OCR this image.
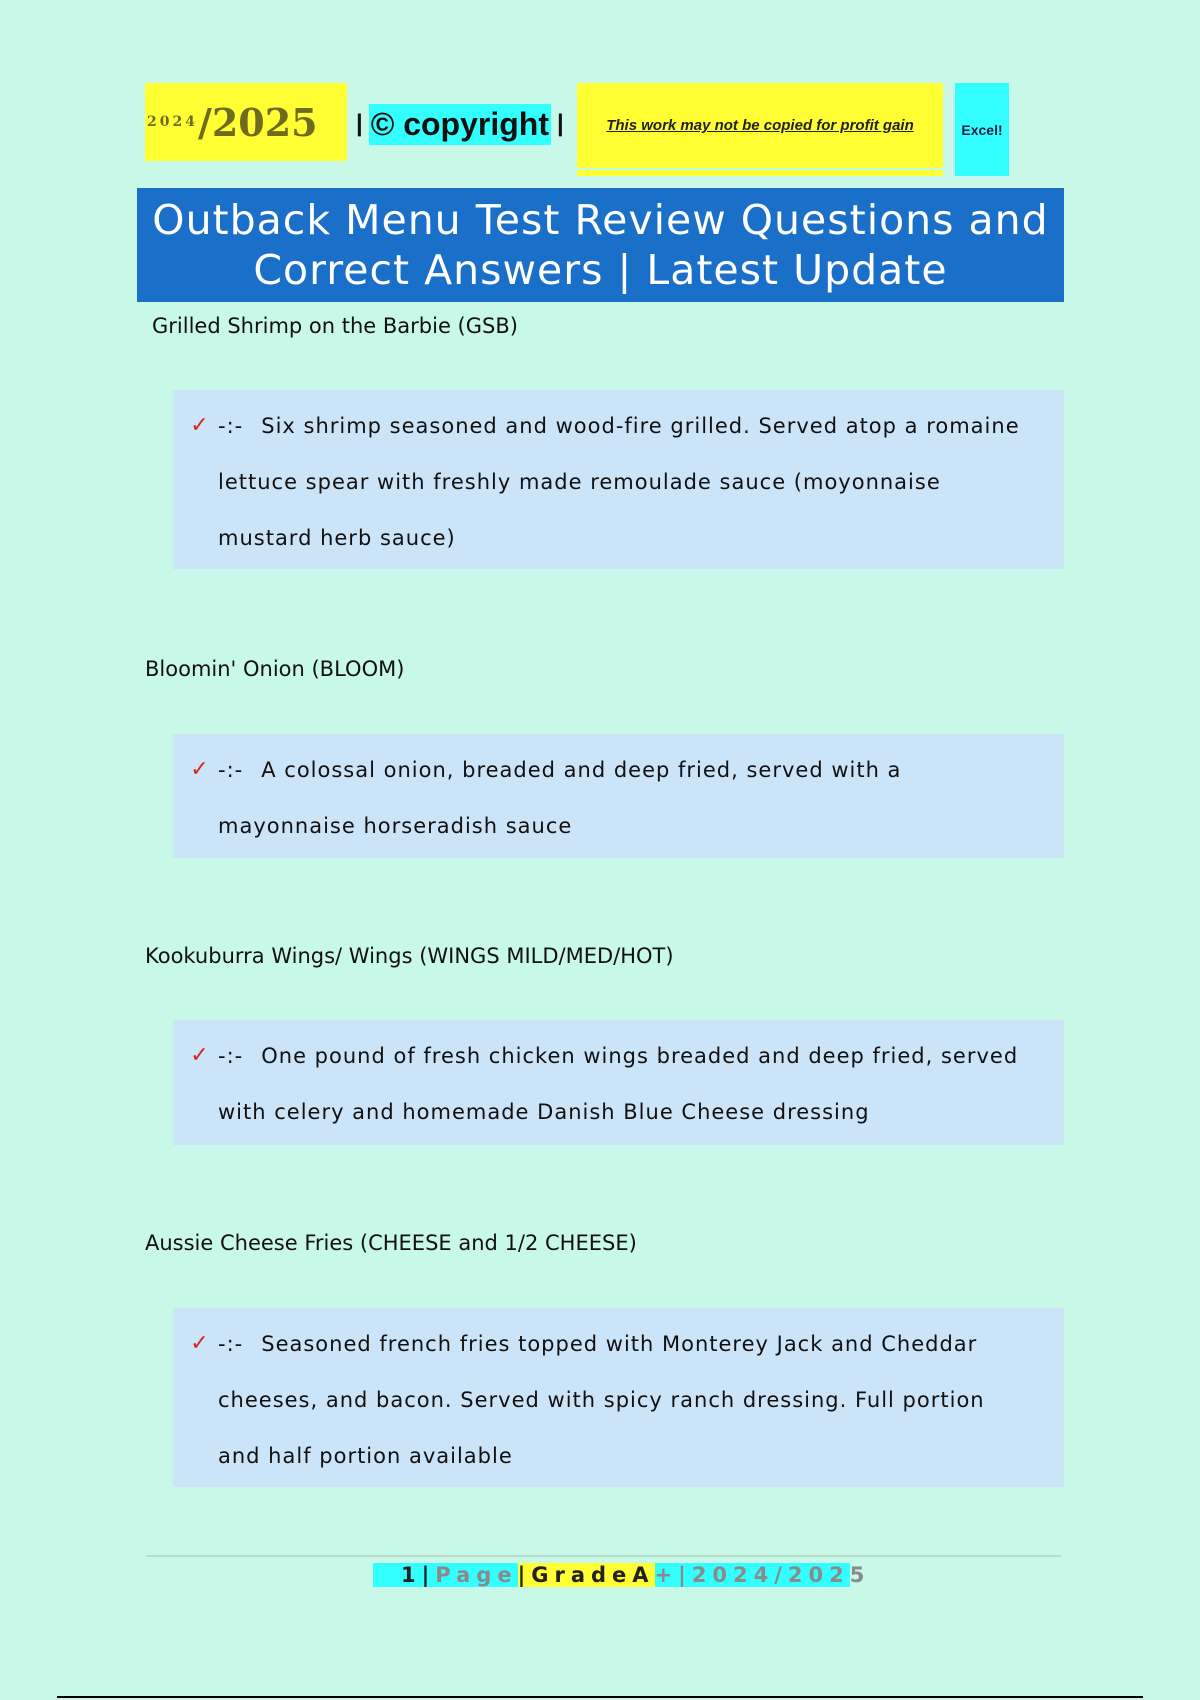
2024 /2025 | © copyright |	This work may not be copied for profit gain	Excel!
Outback Menu Test Review Questions and Correct Answers | Latest Update
Grilled Shrimp on the Barbie (GSB)
✓ -:- Six shrimp seasoned and wood-fire grilled. Served atop a romaine lettuce spear with freshly made remoulade sauce (moyonnaise mustard herb sauce)
Bloomin' Onion (BLOOM)
✓ -:- A colossal onion, breaded and deep fried, served with a mayonnaise horseradish sauce
Kookuburra Wings/ Wings (WINGS MILD/MED/HOT)
✓ -:- One pound of fresh chicken wings breaded and deep fried, served with celery and homemade Danish Blue Cheese dressing
Aussie Cheese Fries (CHEESE and 1/2 CHEESE)
✓ -:- Seasoned french fries topped with Monterey Jack and Cheddar cheeses, and bacon. Served with spicy ranch dressing. Full portion and half portion available
1 | Page | GradeA +|2024/202 5
